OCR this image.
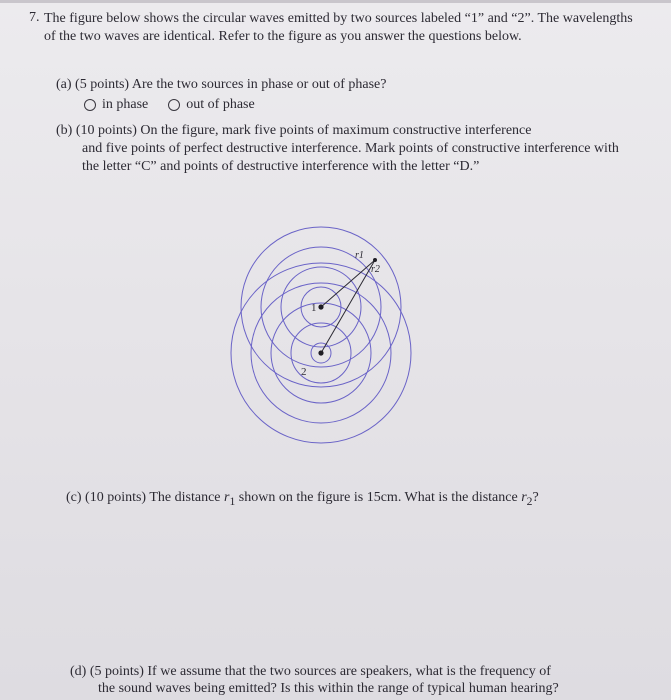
7. The figure below shows the circular waves emitted by two sources labeled “1” and “2”. The wavelengths of the two waves are identical. Refer to the figure as you answer the questions below.
(a) (5 points) Are the two sources in phase or out of phase?
in phase	out of phase
(b) (10 points) On the figure, mark five points of maximum constructive interference
and five points of perfect destructive interference. Mark points of constructive interference with the letter “C” and points of destructive interference with the letter “D.”
1
2
r1
r2
(c) (10 points) The distance $r_1$ shown on the figure is 15cm. What is the distance $r_2$?
(d) (5 points) If we assume that the two sources are speakers, what is the frequency of
the sound waves being emitted? Is this within the range of typical human hearing?
